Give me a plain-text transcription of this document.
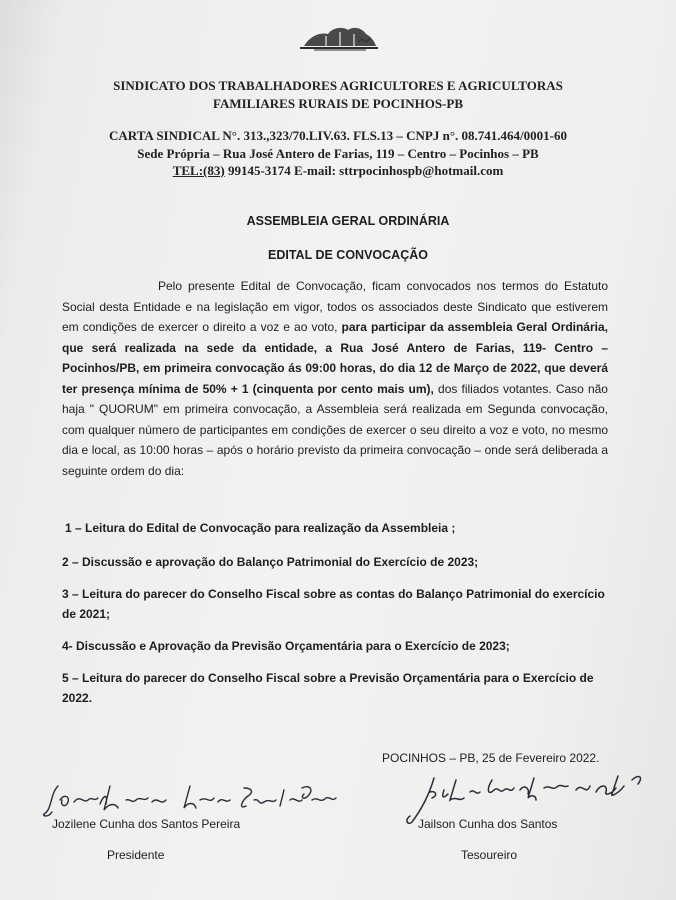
SINDICATO DOS TRABALHADORES AGRICULTORES E AGRICULTORAS
FAMILIARES RURAIS DE POCINHOS-PB
CARTA SINDICAL N°. 313.,323/70.LIV.63. FLS.13 – CNPJ n°. 08.741.464/0001-60
Sede Própria – Rua José Antero de Farias, 119 – Centro – Pocinhos – PB
TEL:(83) 99145-3174 E-mail: sttrpocinhospb@hotmail.com
ASSEMBLEIA GERAL ORDINÁRIA
EDITAL DE CONVOCAÇÃO
Pelo presente Edital de Convocação, ficam convocados nos termos do Estatuto Social desta Entidade e na legislação em vigor, todos os associados deste Sindicato que estiverem em condições de exercer o direito a voz e ao voto, para participar da assembleia Geral Ordinária, que será realizada na sede da entidade, a Rua José Antero de Farias, 119- Centro – Pocinhos/PB, em primeira convocação ás 09:00 horas, do dia 12 de Março de 2022, que deverá ter presença mínima de 50% + 1 (cinquenta por cento mais um), dos filiados votantes. Caso não haja " QUORUM" em primeira convocação, a Assembleia será realizada em Segunda convocação, com qualquer número de participantes em condições de exercer o seu direito a voz e voto, no mesmo dia e local, as 10:00 horas – após o horário previsto da primeira convocação – onde será deliberada a seguinte ordem do dia:
1 – Leitura do Edital de Convocação para realização da Assembleia ;
2 – Discussão e aprovação do Balanço Patrimonial do Exercício de 2023;
3 – Leitura do parecer do Conselho Fiscal sobre as contas do Balanço Patrimonial do exercício de 2021;
4- Discussão e Aprovação da Previsão Orçamentária para o Exercício de 2023;
5 – Leitura do parecer do Conselho Fiscal sobre a Previsão Orçamentária para o Exercício de 2022.
POCINHOS – PB, 25 de Fevereiro 2022.
Jozilene Cunha dos Santos Pereira	Jailson Cunha dos Santos
Presidente	Tesoureiro
